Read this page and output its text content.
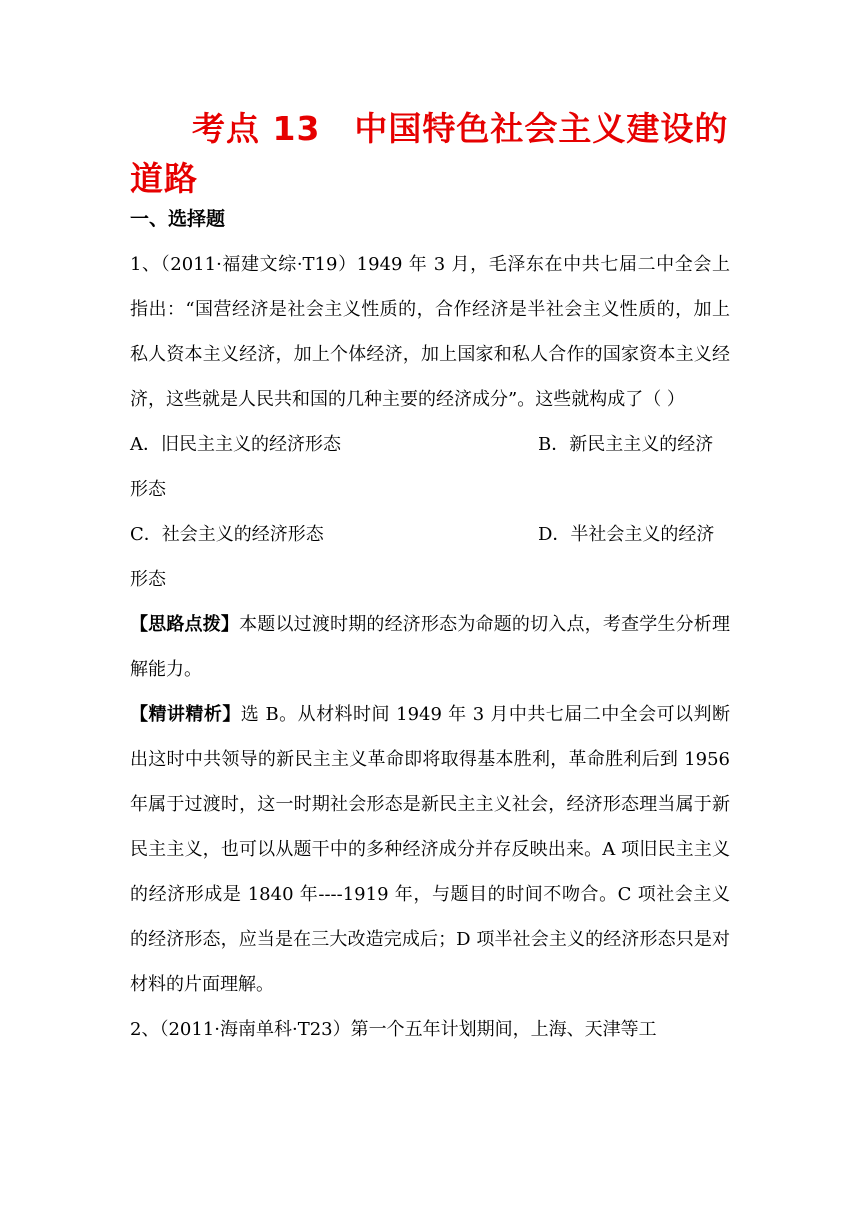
考点 13　中国特色社会主义建设的道路
一、选择题

1、（2011·福建文综·T19）1949 年 3 月，毛泽东在中共七届二中全会上指出：“国营经济是社会主义性质的，合作经济是半社会主义性质的，加上私人资本主义经济，加上个体经济，加上国家和私人合作的国家资本主义经济，这些就是人民共和国的几种主要的经济成分”。这些就构成了（ ）

A．旧民主主义的经济形态	B．新民主主义的经济

形态

C．社会主义的经济形态	D．半社会主义的经济

形态

【思路点拨】本题以过渡时期的经济形态为命题的切入点，考查学生分析理解能力。

【精讲精析】选 B。从材料时间 1949 年 3 月中共七届二中全会可以判断出这时中共领导的新民主主义革命即将取得基本胜利，革命胜利后到 1956 年属于过渡时，这一时期社会形态是新民主主义社会，经济形态理当属于新民主主义，也可以从题干中的多种经济成分并存反映出来。A 项旧民主主义的经济形成是 1840 年----1919 年，与题目的时间不吻合。C 项社会主义的经济形态，应当是在三大改造完成后；D 项半社会主义的经济形态只是对材料的片面理解。

2、（2011·海南单科·T23）第一个五年计划期间，上海、天津等工
